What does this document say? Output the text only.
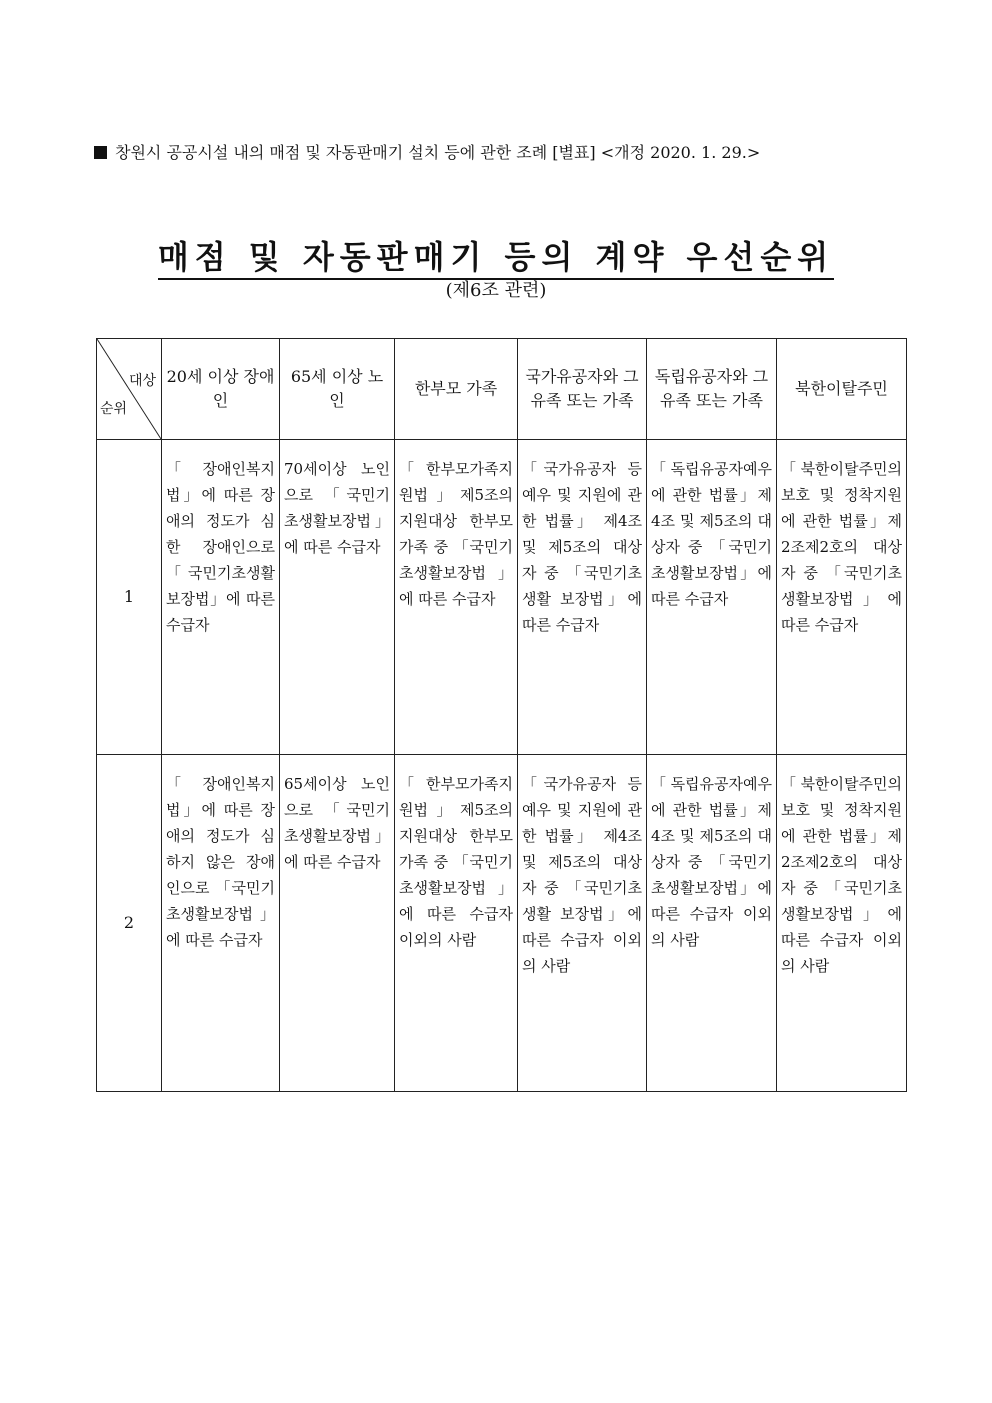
창원시 공공시설 내의 매점 및 자동판매기 설치 등에 관한 조례 [별표] <개정 2020. 1. 29.>
매점 및 자동판매기 등의 계약 우선순위
(제6조 관련)
대상
순위	20세 이상 장애인	65세 이상 노인	한부모 가족	국가유공자와 그 유족 또는 가족	독립유공자와 그 유족 또는 가족	북한이탈주민
1	「장애인복지법」에 따른 장애의 정도가 심한 장애인으로 「국민기초생활보장법」에 따른 수급자	70세이상 노인으로 「국민기초생활보장법」에 따른 수급자	「한부모가족지원법」제5조의 지원대상 한부모가족 중 「국민기초생활보장법」에 따른 수급자	「국가유공자 등 예우 및 지원에 관한 법률」 제4조 및 제5조의 대상자 중 「국민기초생활 보장법」에 따른 수급자	「독립유공자예우에 관한 법률」제4조 및 제5조의 대상자 중 「국민기초생활보장법」에 따른 수급자	「북한이탈주민의 보호 및 정착지원에 관한 법률」제2조제2호의 대상자 중 「국민기초생활보장법」에 따른 수급자
2	「장애인복지법」에 따른 장애의 정도가 심하지 않은 장애인으로 「국민기초생활보장법」에 따른 수급자	65세이상 노인으로 「국민기초생활보장법」에 따른 수급자	「한부모가족지원법」제5조의 지원대상 한부모가족 중 「국민기초생활보장법」에 따른 수급자 이외의 사람	「국가유공자 등 예우 및 지원에 관한 법률」 제4조 및 제5조의 대상자 중 「국민기초생활 보장법」에 따른 수급자 이외의 사람	「독립유공자예우에 관한 법률」제4조 및 제5조의 대상자 중 「국민기초생활보장법」에 따른 수급자 이외의 사람	「북한이탈주민의 보호 및 정착지원에 관한 법률」제2조제2호의 대상자 중 「국민기초생활보장법」에 따른 수급자 이외의 사람
